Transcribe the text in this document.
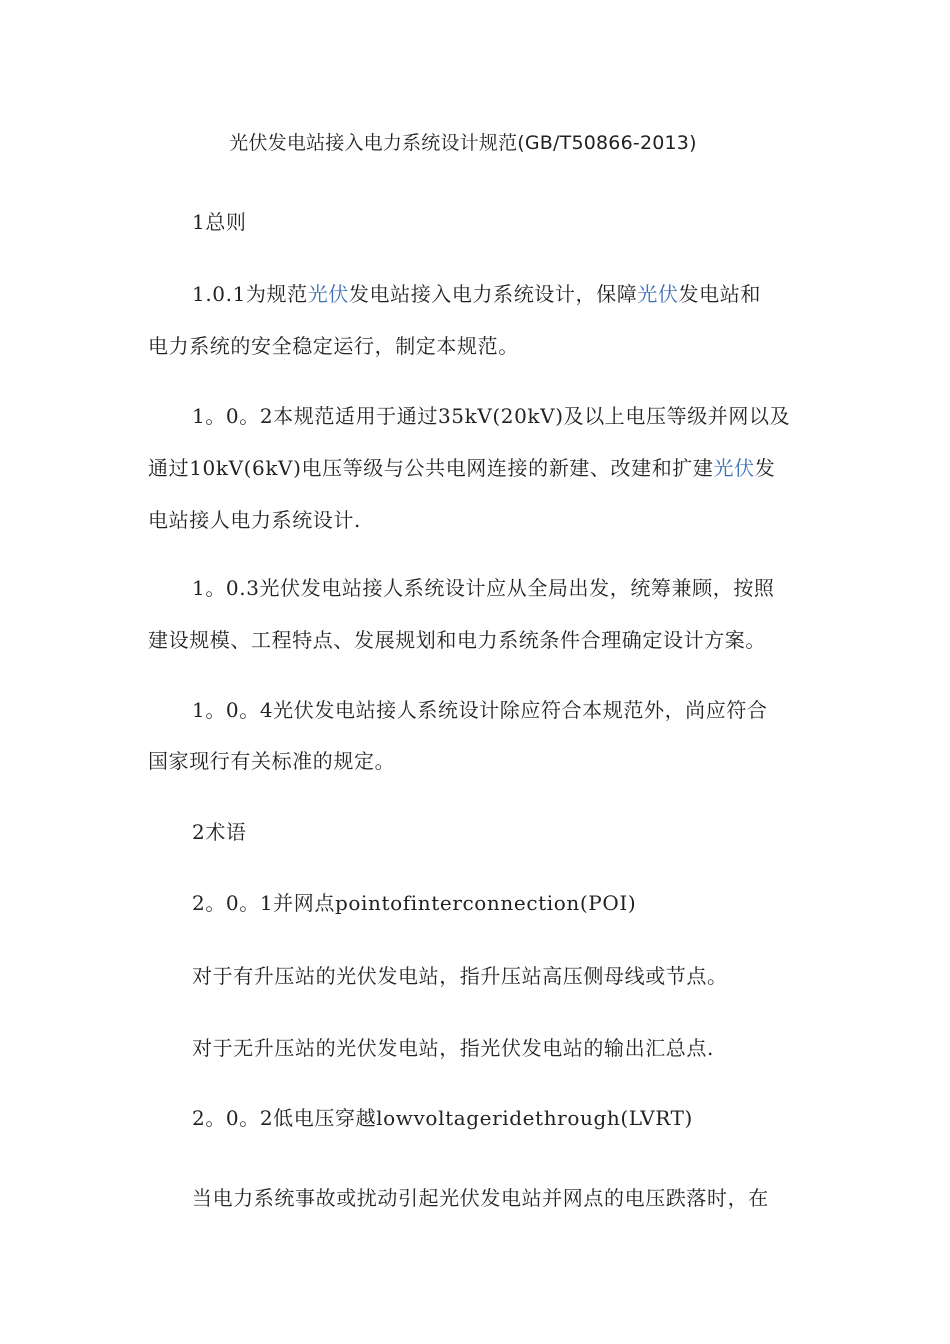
光伏发电站接入电力系统设计规范(GB/T50866-2013)
1总则
1.0.1为规范光伏发电站接入电力系统设计，保障光伏发电站和
电力系统的安全稳定运行，制定本规范。
1。0。2本规范适用于通过35kV(20kV)及以上电压等级并网以及
通过10kV(6kV)电压等级与公共电网连接的新建、改建和扩建光伏发
电站接人电力系统设计.
1。0.3光伏发电站接人系统设计应从全局出发，统筹兼顾，按照
建设规模、工程特点、发展规划和电力系统条件合理确定设计方案。
1。0。4光伏发电站接人系统设计除应符合本规范外，尚应符合
国家现行有关标准的规定。
2术语
2。0。1并网点pointofinterconnection(POI)
对于有升压站的光伏发电站，指升压站高压侧母线或节点。
对于无升压站的光伏发电站，指光伏发电站的输出汇总点.
2。0。2低电压穿越lowvoltageridethrough(LVRT)
当电力系统事故或扰动引起光伏发电站并网点的电压跌落时，在
